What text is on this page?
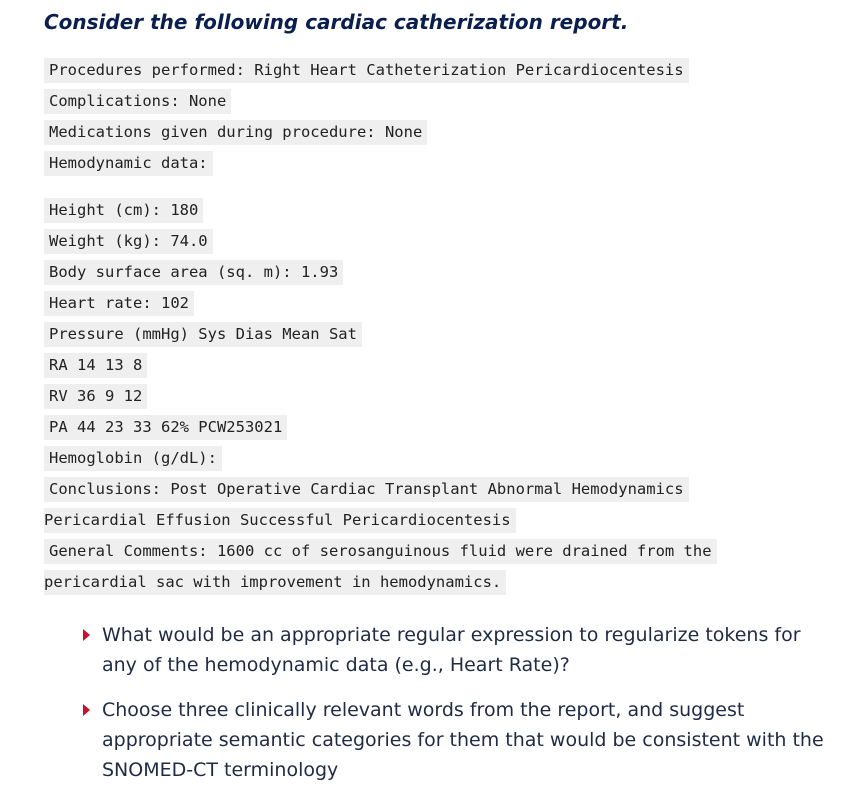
Consider the following cardiac catherization report.
Procedures performed: Right Heart Catheterization Pericardiocentesis
Complications: None
Medications given during procedure: None
Hemodynamic data:
Height (cm): 180
Weight (kg): 74.0
Body surface area (sq. m): 1.93
Heart rate: 102
Pressure (mmHg) Sys Dias Mean Sat
RA 14 13 8
RV 36 9 12
PA 44 23 33 62% PCW253021
Hemoglobin (g/dL):
Conclusions: Post Operative Cardiac Transplant Abnormal Hemodynamics
Pericardial Effusion Successful Pericardiocentesis
General Comments: 1600 cc of serosanguinous fluid were drained from the
pericardial sac with improvement in hemodynamics.
What would be an appropriate regular expression to regularize tokens for any of the hemodynamic data (e.g., Heart Rate)?
Choose three clinically relevant words from the report, and suggest appropriate semantic categories for them that would be consistent with the SNOMED-CT terminology
